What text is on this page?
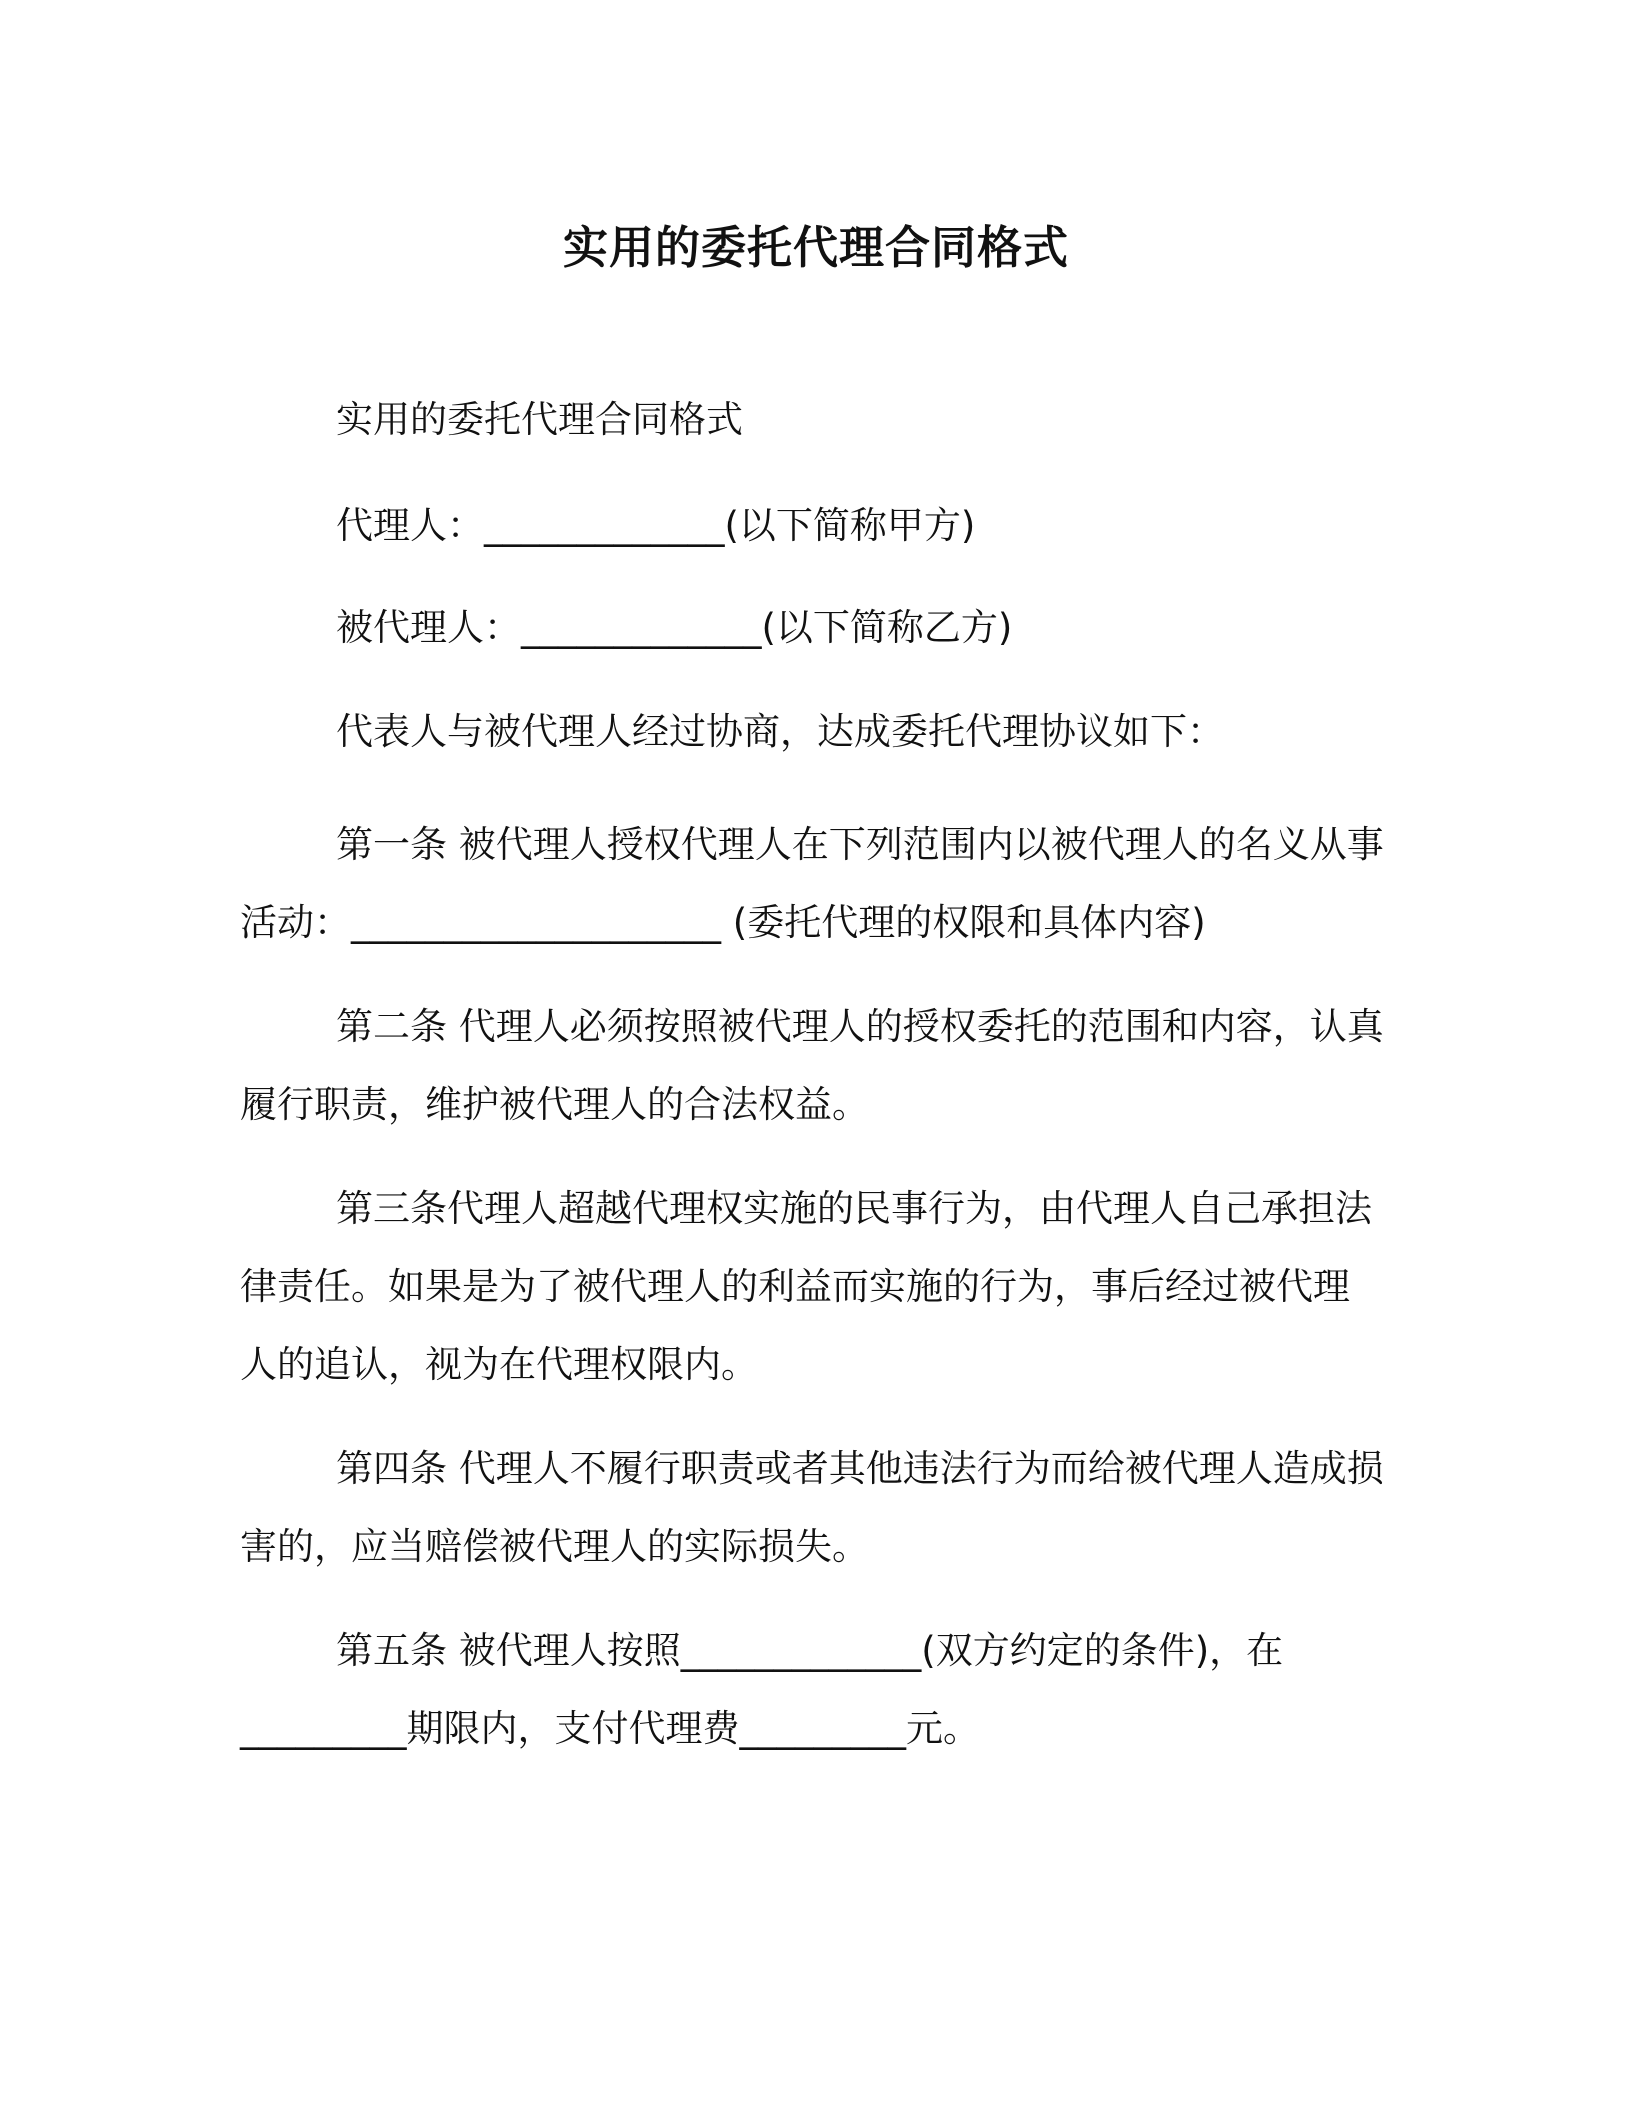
实用的委托代理合同格式
实用的委托代理合同格式
代理人：_____________(以下简称甲方)
被代理人：_____________(以下简称乙方)
代表人与被代理人经过协商，达成委托代理协议如下：
第一条 被代理人授权代理人在下列范围内以被代理人的名义从事
活动：____________________ (委托代理的权限和具体内容)
第二条 代理人必须按照被代理人的授权委托的范围和内容，认真
履行职责，维护被代理人的合法权益。
第三条代理人超越代理权实施的民事行为，由代理人自己承担法
律责任。如果是为了被代理人的利益而实施的行为，事后经过被代理
人的追认，视为在代理权限内。
第四条 代理人不履行职责或者其他违法行为而给被代理人造成损
害的，应当赔偿被代理人的实际损失。
第五条 被代理人按照_____________(双方约定的条件)，在
_________期限内，支付代理费_________元。
